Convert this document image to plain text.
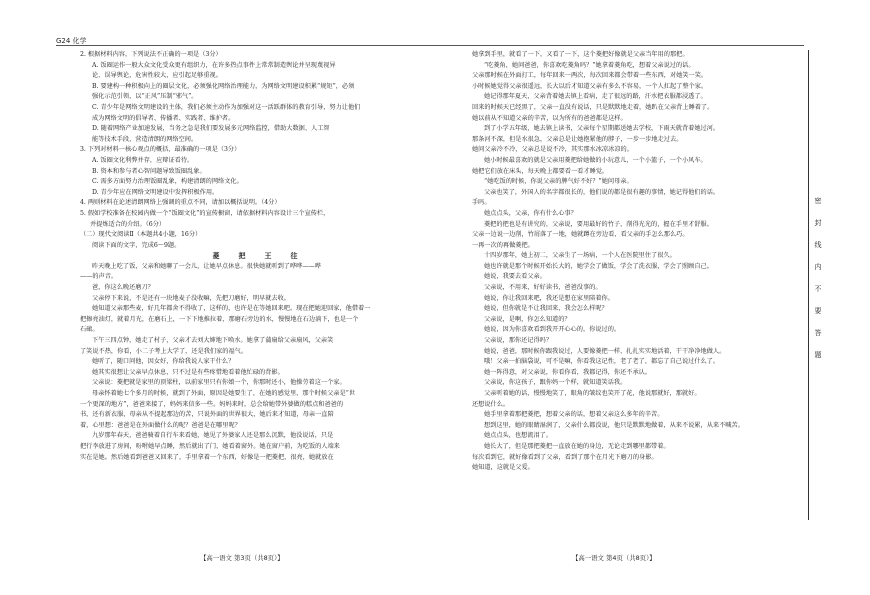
G24 化学

2. 根据材料内容，下列说法不正确的一项是（3分）

A. 饭圈运作一般大众文化受众更有组织力，在许多热点事件上常常制造舆论并呈现蔑视异

论、误导舆论，危害性较大，应引起足够重视。

B. 要建构一种积极向上的圈层文化，必须强化网络治理能力，为网络文明建设积累“规矩”，必须

强化示范引领，以“正风”压制“邪气”。

C. 青少年是网络文明建设的主体，我们必须主动作为加强对这一活跃群体的教育引导，努力让他们

成为网络文明的倡导者、传播者、实践者、维护者。

D. 随着网络产业加速发展，当务之急是我们要发展多元网络监控，借助大数据、人工智

能等技术手段，营造清朗的网络空间。

3. 下列对材料一核心观点的概括，最准确的一项是（3分）

A. 饭圈文化利弊并存，应辩证看待。

B. 资本和参与者心智问题导致饭圈乱象。

C. 需多方面努力治理饭圈乱象，构建清朗的网络文化。

D. 青少年应在网络文明建设中发挥积极作用。

4. 两则材料在论述清朗网络上强调的重点不同，请加以概括说明。（4分）

5. 假如学校准备在校园内做一个“饭圈文化”的宣传橱窗，请依据材料内容设计三个宣传栏，

并提炼适合的介绍。（6分）

（二）现代文阅读Ⅱ（本题共4小题，16分）

阅读下面的文字，完成6～9题。

菱　把　王　往

昨天晚上吃了饭，父亲和她聊了一会儿，让她早点休息。很快她就听到了哗哗——哗

——的声音。

爸，你这么晚还磨刀？

父亲停下来说，不是还有一块地麦子没收嘛，先把刀磨好，明早就去收。

她知道父亲那些麦，好几年都舍不得收了，这样的，也许是在等她回来吧。现在把她迎回家，他借着一

把擦亮油灯，就着月光，在磨石上，一下下地推拉着，那磨石旁边的水，慢慢地在石边淌下，也是一个

石磙。

下午三四点钟，她走了村子，父亲才去刘大婶地下唤水。她拿了蒲扇给父亲扇风，父亲笑

了笑说不热，你看，小二子考上大学了，还是我们家的福气。

她听了，随口问他，因女好，你给我说人家干什么？

她其实很想让父亲早点休息，只不过是有些疼惜地看着他忙碌的背影。

父亲说：菱把就是家里的顶梁柱，以前家里只有你娘一个，你那时还小，他操劳着这一个家。

母亲怀着她七个多月的时候，就到了外面，原因是她要生了，在她的感觉里，那个时候父亲是“世

一个更深的地方”，爸爸来接了，妈妈来信多一些。妈妈来时，总会给她带外婆做的糕点和爸爸的

书，还有新衣服，母亲从不提起那边的苦，只说外面的世界很大，她后来才知道，母亲一直陪

着，心里想：爸爸是在外面做什么的呢？爸爸是在哪里呢？

九岁那年春天，爸爸骑着自行车来看她，她见了外婆家人还是那么沉默，他没说话，只是

把行李放进了房间，吩咐她早点睡，然后就出了门，她看着窗外。她在窗户前，为吃饭的人端来

实在是她。然后她看到爸爸又回来了，手里拿着一个东西，好像是一把菱把，很亮，她就放在

她拿到手里，就看了一下，又看了一下，这个菱把好像就是父亲当年用的那把。

“吃菱角，她问爸爸，你喜欢吃菱角吗？”她拿着菱角吃，想着父亲说过的话。

父亲那时候在外面打工，每年回来一两次，每次回来都会带着一些东西，对她笑一笑。

小时候她觉得父亲很遥远，长大以后才知道父亲有多么不容易，一个人扛起了整个家。

她记得那年夏天，父亲背着她去镇上看病，走了很远的路，汗水把衣服都浸透了。

回来的时候天已经黑了，父亲一直没有说话，只是默默地走着，她趴在父亲背上睡着了。

她以前从不知道父亲的辛苦，以为所有的爸爸都是这样。

到了小学五年级，她去镇上读书，父亲每个星期都送她去学校，下雨天就背着她过河。

那条河不深，但是水很急，父亲总是让她抱紧他的脖子，一步一步地走过去。

她问父亲冷不冷，父亲总是说不冷，其实那水冰凉冰凉的。

她小时候最喜欢的就是父亲用菱把给她做的小玩意儿，一个小篮子，一个小风车。

她把它们放在床头，每天晚上都要看一看才睡觉。

“她吃饭的时候，你说父亲的脾气好不好？”她问母亲。

父亲也笑了，外国人的名字都很长的，他们说的都是很有趣的事情，她记得他们的话。

手吗。

她点点头，父亲，你有什么心事？

菱把的把也是有讲究的，父亲说，要用最好的竹子，削得光光的，握在手里才舒服。

父亲一边说一边削，竹屑落了一地，她就蹲在旁边看，看父亲的手怎么那么巧。

一再一次的再做菱把。

十四岁那年，她上初二，父亲生了一场病，一个人在医院里住了很久。

她也许就是那个时候开始长大的，她学会了做饭，学会了洗衣服，学会了照顾自己。

她说，我要去看父亲。

父亲说，不用来，好好读书，爸爸没事的。

她说，你让我回来吧，我还是想在家里陪着你。

她说，但你就是不让我回来，我会怎么样呢？

父亲说，是啊，你怎么知道的？

她说，因为你喜欢看到我开开心心的，你说过的。

父亲说，那你还记得吗？

她说，爸爸，那时候你跟我说过，人要像菱把一样，扎扎实实地活着，干干净净地做人。

哦！父亲一拍脑袋说，可不是嘛，你看我这记性，老了老了，都忘了自己说过什么了。

她一阵得意，对父亲说，你看你看，我都记得，你还不承认。

父亲说，你这孩子，跟你妈一个样，就知道笑话我。

父亲听着她的话，慢慢地笑了，眼角的皱纹也笑开了花，他说那就好，那就好。

还想说什么。

她手里拿着那把菱把，想着父亲的话，想着父亲这么多年的辛苦。

想到这里，她的眼睛湿润了，父亲什么都没说，他只是默默地做着，从来不说累，从来不喊苦。

她点点头，也想流泪了。

她长大了，但是那把菱把一直放在她的身边，无论走到哪里都带着。

每次看到它，就好像看到了父亲，看到了那个在月光下磨刀的身影。

她知道，这就是父爱。

【高一语文 第3页（共8页）】	【高一语文 第4页（共8页）】
密
封
线
内
不
要
答
题
